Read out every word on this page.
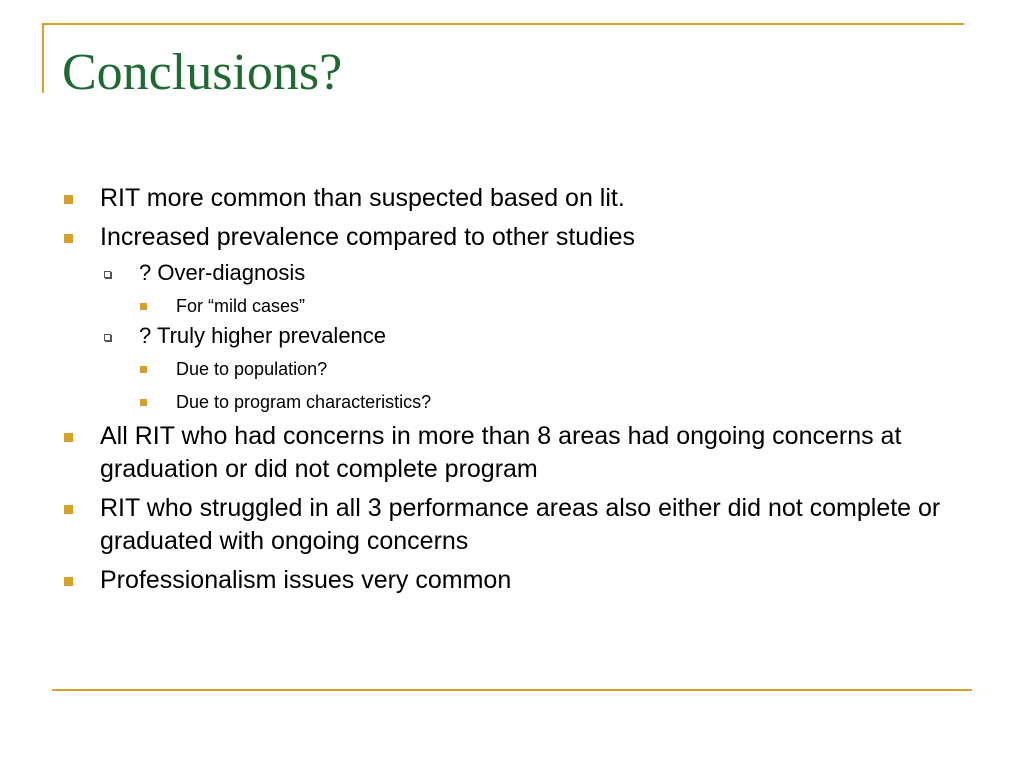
Conclusions?
RIT more common than suspected based on lit.
Increased prevalence compared to other studies
? Over-diagnosis
For “mild cases”
? Truly higher prevalence
Due to population?
Due to program characteristics?
All RIT who had concerns in more than 8 areas had ongoing concerns at graduation or did not complete program
RIT who struggled in all 3 performance areas also either did not complete or graduated with ongoing concerns
Professionalism issues very common
